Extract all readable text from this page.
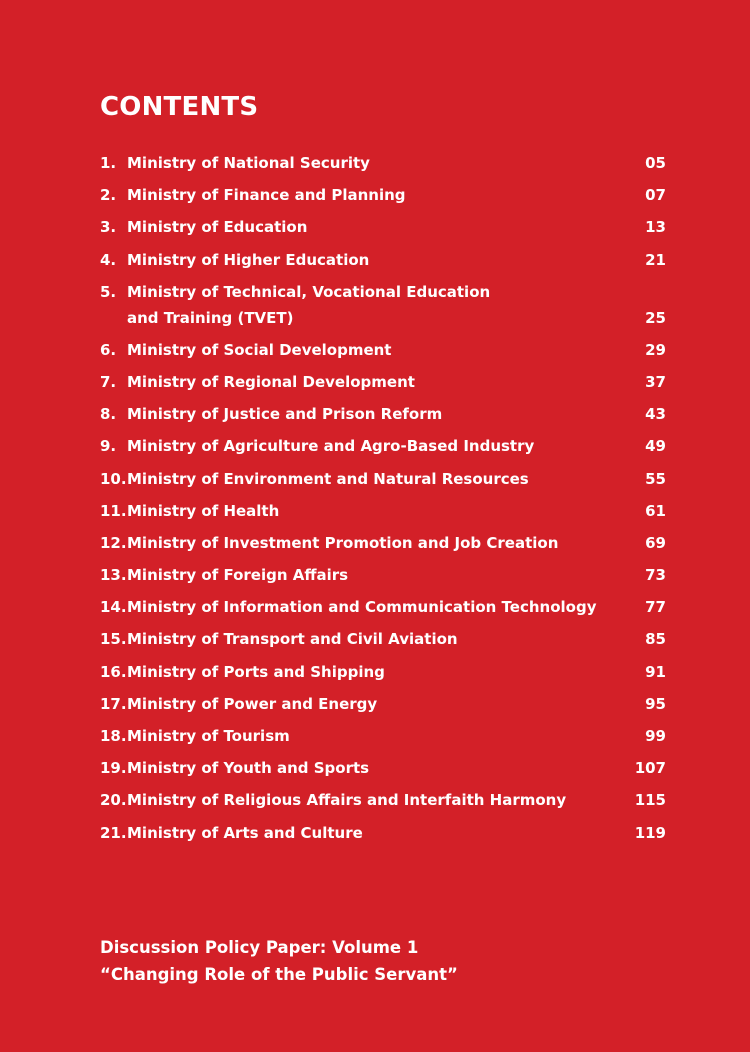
CONTENTS
1. Ministry of National Security	05
2. Ministry of Finance and Planning	07
3. Ministry of Education	13
4. Ministry of Higher Education	21
5. Ministry of Technical, Vocational Education
and Training (TVET)	25
6. Ministry of Social Development	29
7. Ministry of Regional Development	37
8. Ministry of Justice and Prison Reform	43
9. Ministry of Agriculture and Agro-Based Industry	49
10. Ministry of Environment and Natural Resources	55
11. Ministry of Health	61
12. Ministry of Investment Promotion and Job Creation	69
13. Ministry of Foreign Affairs	73
14. Ministry of Information and Communication Technology	77
15. Ministry of Transport and Civil Aviation	85
16. Ministry of Ports and Shipping	91
17. Ministry of Power and Energy	95
18. Ministry of Tourism	99
19. Ministry of Youth and Sports	107
20. Ministry of Religious Affairs and Interfaith Harmony	115
21. Ministry of Arts and Culture	119
Discussion Policy Paper: Volume 1
“Changing Role of the Public Servant”
